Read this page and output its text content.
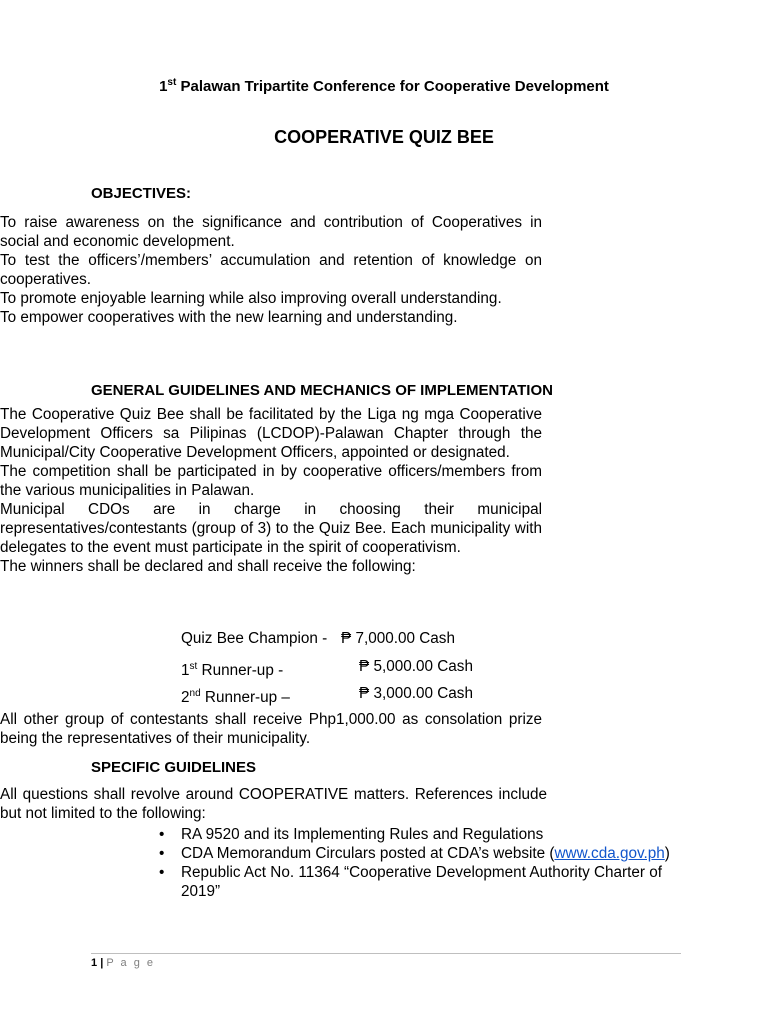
1st Palawan Tripartite Conference for Cooperative Development
COOPERATIVE QUIZ BEE
OBJECTIVES:
To raise awareness on the significance and contribution of Cooperatives in social and economic development.
To test the officers’/members’ accumulation and retention of knowledge on cooperatives.
To promote enjoyable learning while also improving overall understanding.
To empower cooperatives with the new learning and understanding.
GENERAL GUIDELINES AND MECHANICS OF IMPLEMENTATION
The Cooperative Quiz Bee shall be facilitated by the Liga ng mga Cooperative Development Officers sa Pilipinas (LCDOP)-Palawan Chapter through the Municipal/City Cooperative Development Officers, appointed or designated.
The competition shall be participated in by cooperative officers/members from the various municipalities in Palawan.
Municipal CDOs are in charge in choosing their municipal representatives/contestants (group of 3) to the Quiz Bee. Each municipality with delegates to the event must participate in the spirit of cooperativism.
The winners shall be declared and shall receive the following:
Quiz Bee Champion - ₱ 7,000.00 Cash
1st Runner-up -	₱ 5,000.00 Cash
2nd Runner-up –	₱ 3,000.00 Cash
All other group of contestants shall receive Php1,000.00 as consolation prize being the representatives of their municipality.
SPECIFIC GUIDELINES
All questions shall revolve around COOPERATIVE matters. References include but not limited to the following:
• RA 9520 and its Implementing Rules and Regulations
• CDA Memorandum Circulars posted at CDA’s website (www.cda.gov.ph)
• Republic Act No. 11364 “Cooperative Development Authority Charter of 2019”
1 | P a g e
